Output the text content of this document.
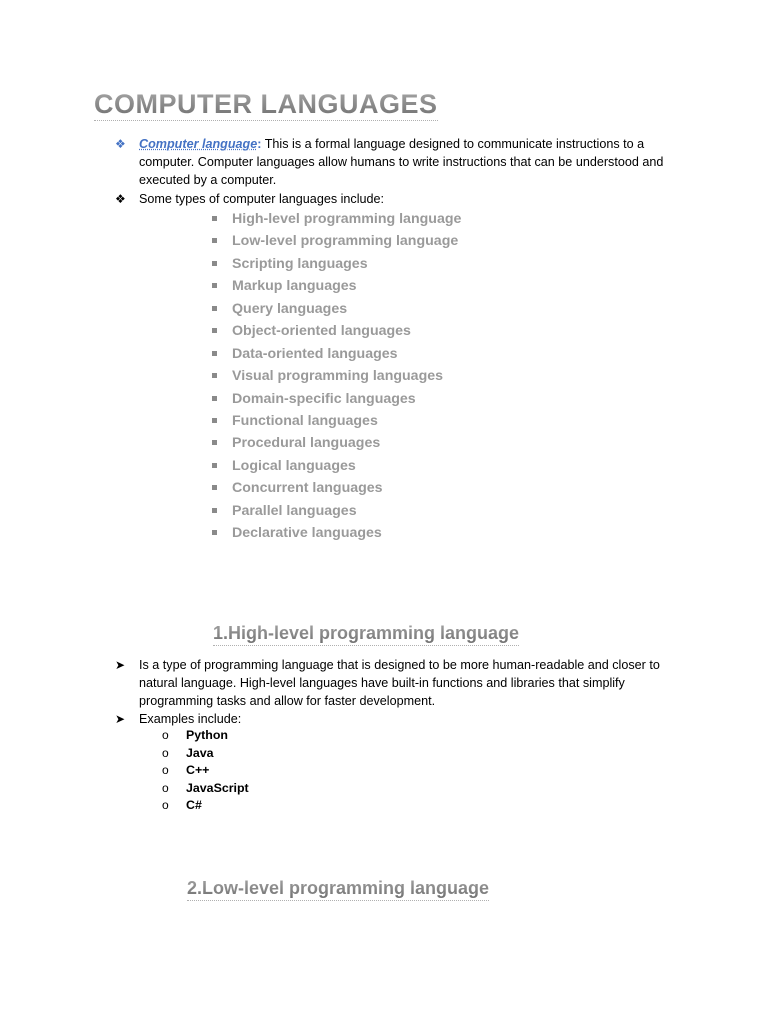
COMPUTER LANGUAGES
❖	Computer language: This is a formal language designed to communicate instructions to a computer. Computer languages allow humans to write instructions that can be understood and executed by a computer.
❖	Some types of computer languages include:
High-level programming language
Low-level programming language
Scripting languages
Markup languages
Query languages
Object-oriented languages
Data-oriented languages
Visual programming languages
Domain-specific languages
Functional languages
Procedural languages
Logical languages
Concurrent languages
Parallel languages
Declarative languages
1.High-level programming language
➤ Is a type of programming language that is designed to be more human-readable and closer to natural language. High-level languages have built-in functions and libraries that simplify programming tasks and allow for faster development.
➤ Examples include:
o Python
o Java
o C++
o JavaScript
o C#
2.Low-level programming language
